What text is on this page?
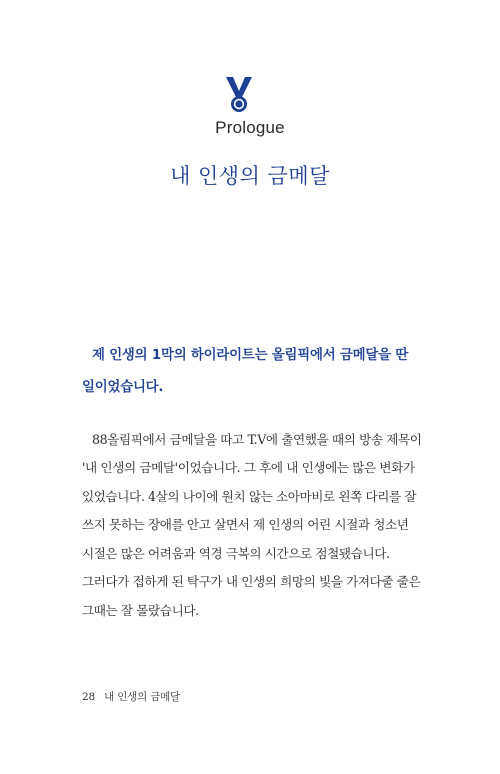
Prologue
내 인생의 금메달

제 인생의 1막의 하이라이트는 올림픽에서 금메달을 딴 일이었습니다.

88올림픽에서 금메달을 따고 T.V에 출연했을 때의 방송 제목이 '내 인생의 금메달'이었습니다. 그 후에 내 인생에는 많은 변화가 있었습니다. 4살의 나이에 원치 않는 소아마비로 왼쪽 다리를 잘 쓰지 못하는 장애를 안고 살면서 제 인생의 어린 시절과 청소년 시절은 많은 어려움과 역경 극복의 시간으로 점철됐습니다. 그러다가 접하게 된 탁구가 내 인생의 희망의 빛을 가져다줄 줄은 그때는 잘 몰랐습니다.

28 내 인생의 금메달
